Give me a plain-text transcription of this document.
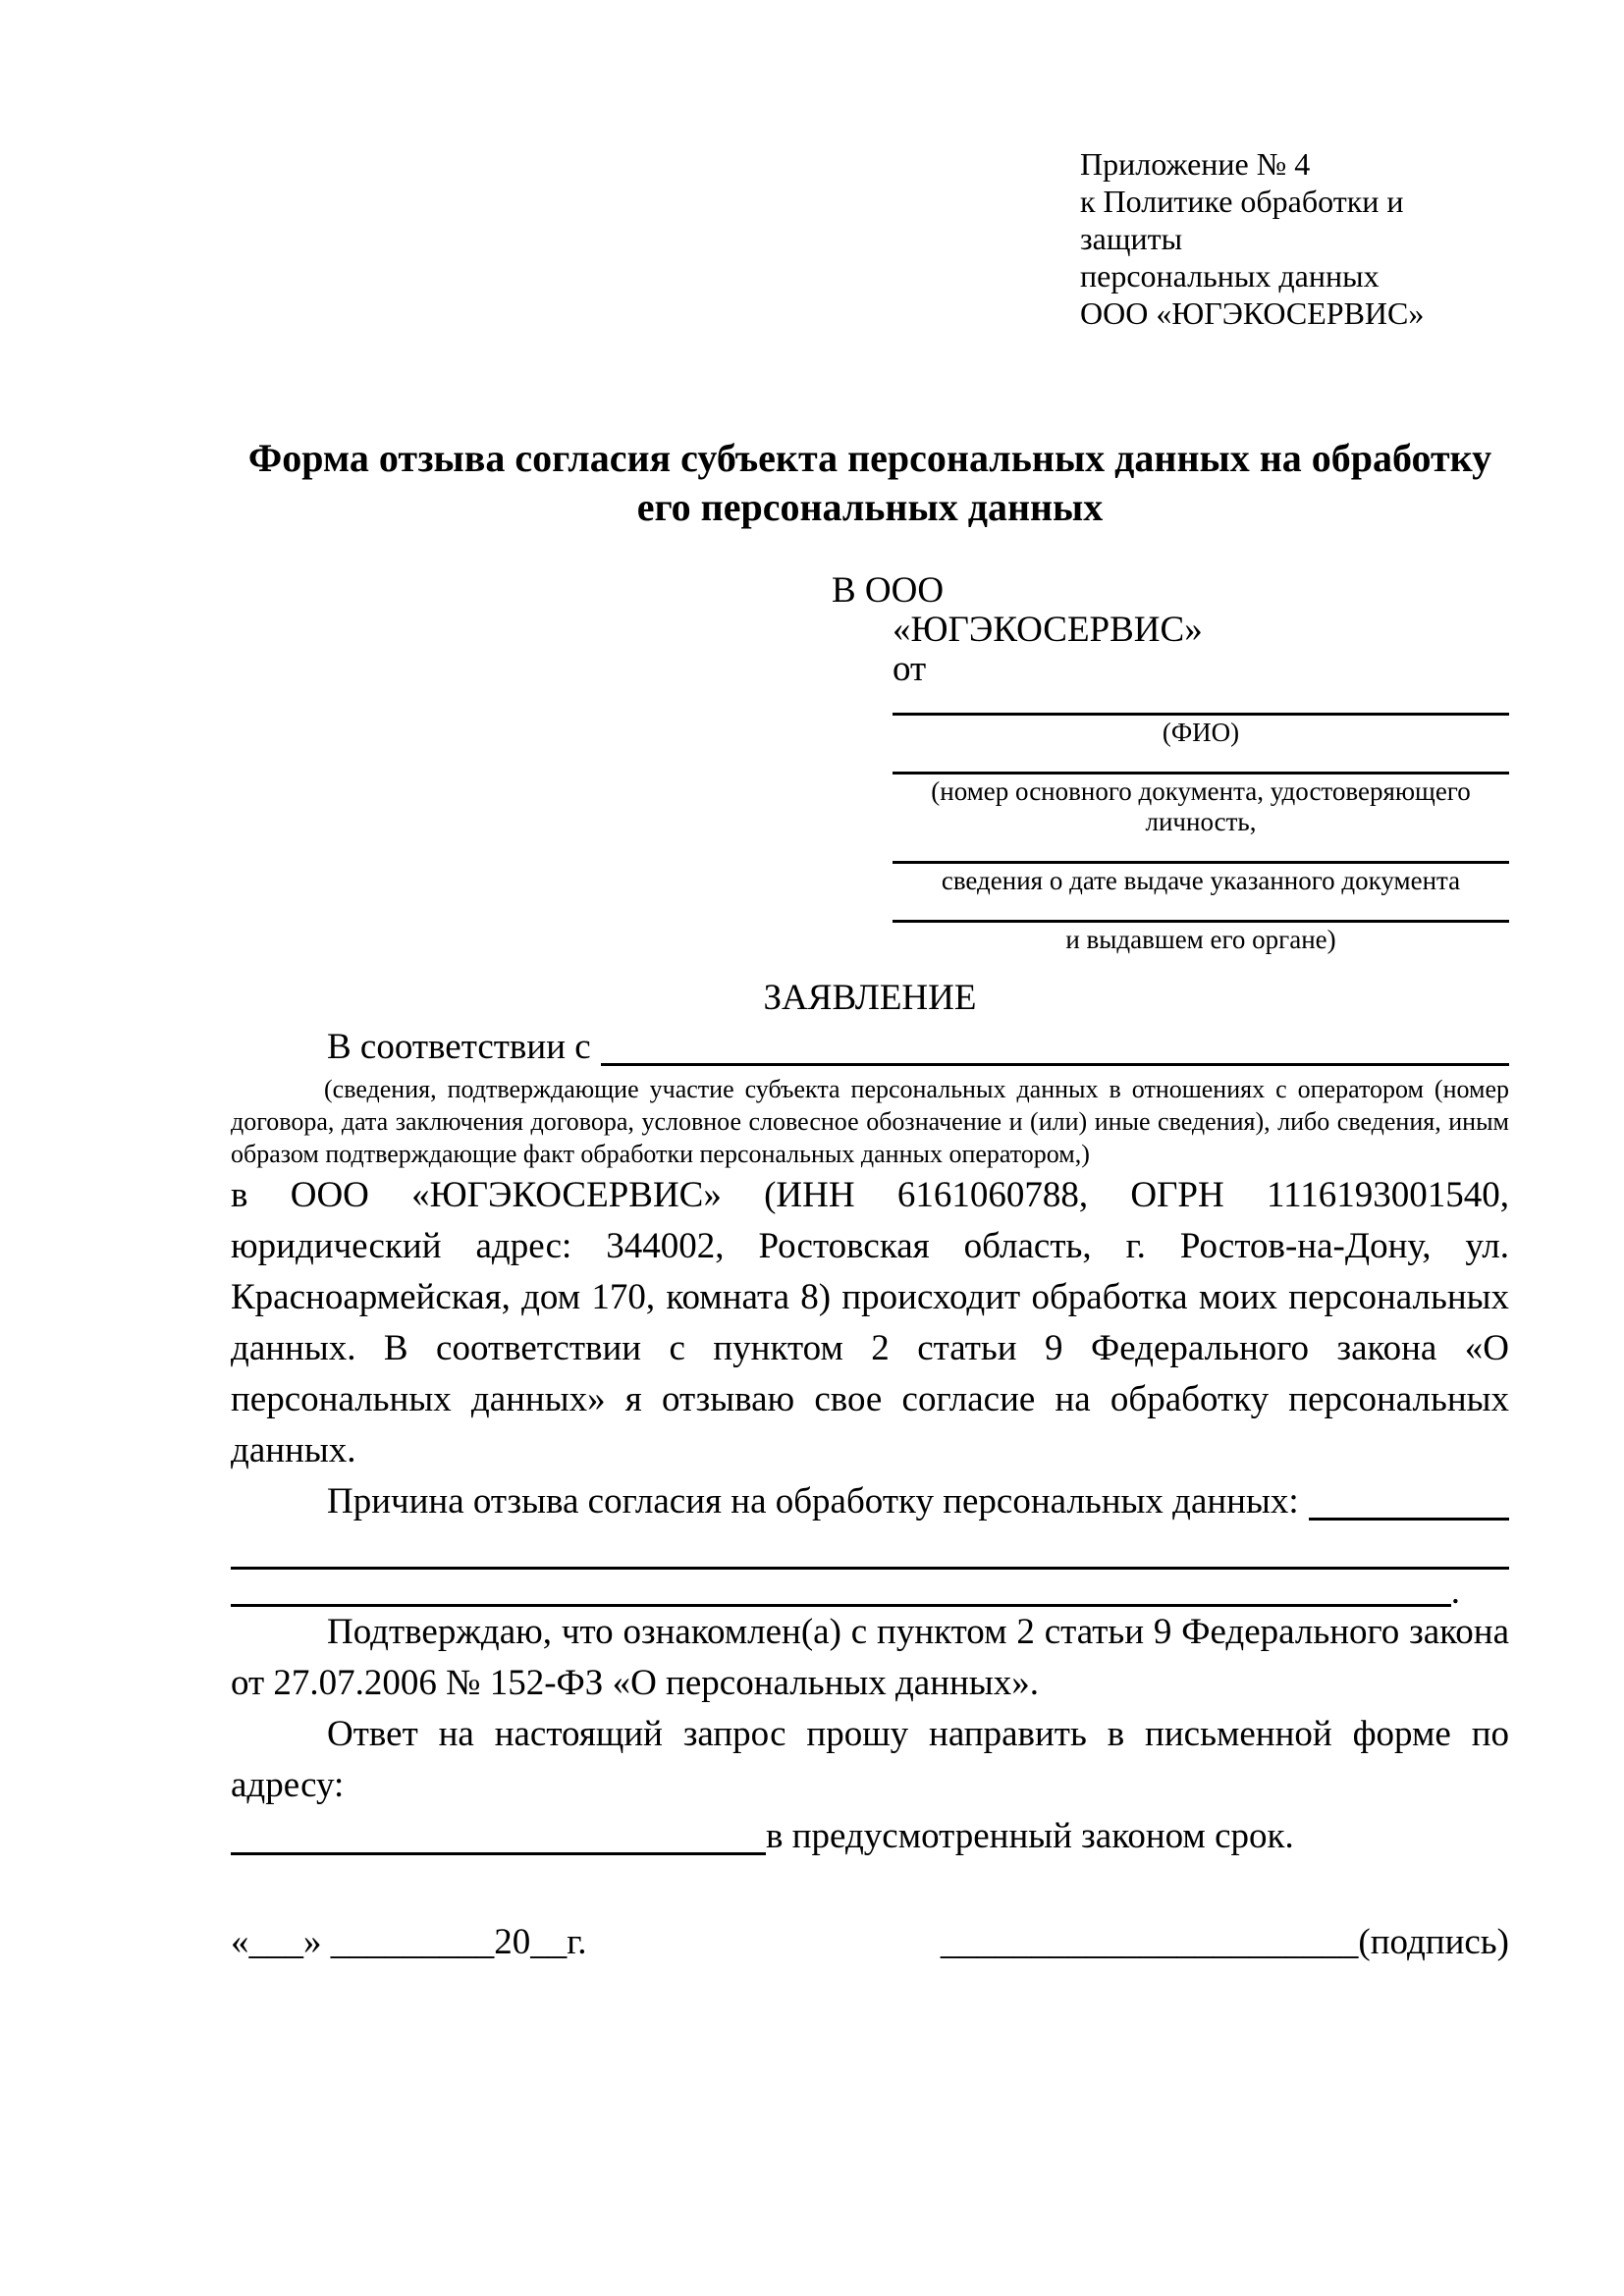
Приложение № 4
к Политике обработки и защиты
персональных данных
ООО «ЮГЭКОСЕРВИС»
Форма отзыва согласия субъекта персональных данных на обработку
его персональных данных
В ООО
«ЮГЭКОСЕРВИС»
от
(ФИО)
(номер основного документа, удостоверяющего личность,
сведения о дате выдаче указанного документа
и выдавшем его органе)
ЗАЯВЛЕНИЕ
В соответствии с
(сведения, подтверждающие участие субъекта персональных данных в отношениях с оператором (номер договора, дата заключения договора, условное словесное обозначение и (или) иные сведения), либо сведения, иным образом подтверждающие факт обработки персональных данных оператором,)
в ООО «ЮГЭКОСЕРВИС» (ИНН 6161060788, ОГРН 1116193001540, юридический адрес: 344002, Ростовская область, г. Ростов-на-Дону, ул. Красноармейская, дом 170, комната 8) происходит обработка моих персональных данных. В соответствии с пунктом 2 статьи 9 Федерального закона «О персональных данных» я отзываю свое согласие на обработку персональных данных.
Причина отзыва согласия на обработку персональных данных:
.
Подтверждаю, что ознакомлен(а) с пунктом 2 статьи 9 Федерального закона от 27.07.2006 № 152-ФЗ «О персональных данных».
Ответ на настоящий запрос прошу направить в письменной форме по адресу:
в предусмотренный законом срок.
«___» _________20__г.	_______________________(подпись)
